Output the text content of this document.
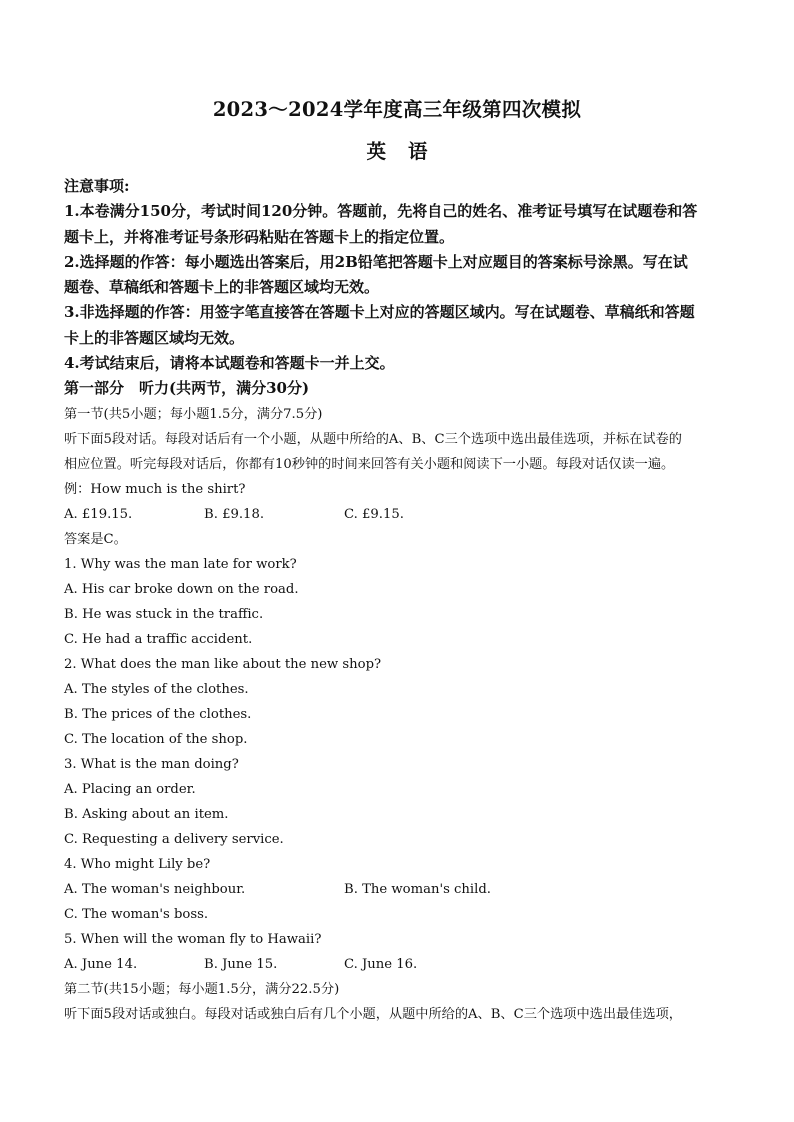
2023～2024学年度高三年级第四次模拟
英语
注意事项:
1.本卷满分150分，考试时间120分钟。答题前，先将自己的姓名、准考证号填写在试题卷和答
题卡上，并将准考证号条形码粘贴在答题卡上的指定位置。
2.选择题的作答：每小题选出答案后，用2B铅笔把答题卡上对应题目的答案标号涂黑。写在试
题卷、草稿纸和答题卡上的非答题区域均无效。
3.非选择题的作答：用签字笔直接答在答题卡上对应的答题区域内。写在试题卷、草稿纸和答题
卡上的非答题区域均无效。
4.考试结束后，请将本试题卷和答题卡一并上交。
第一部分　听力(共两节，满分30分)
第一节(共5小题；每小题1.5分，满分7.5分)
听下面5段对话。每段对话后有一个小题，从题中所给的A、B、C三个选项中选出最佳选项，并标在试卷的
相应位置。听完每段对话后，你都有10秒钟的时间来回答有关小题和阅读下一小题。每段对话仅读一遍。
例：How much is the shirt?
A. £19.15.	B. £9.18.	C. £9.15.
答案是C。
1. Why was the man late for work?
A. His car broke down on the road.
B. He was stuck in the traffic.
C. He had a traffic accident.
2. What does the man like about the new shop?
A. The styles of the clothes.
B. The prices of the clothes.
C. The location of the shop.
3. What is the man doing?
A. Placing an order.
B. Asking about an item.
C. Requesting a delivery service.
4. Who might Lily be?
A. The woman's neighbour.	B. The woman's child.
C. The woman's boss.
5. When will the woman fly to Hawaii?
A. June 14.	B. June 15.	C. June 16.
第二节(共15小题；每小题1.5分，满分22.5分)
听下面5段对话或独白。每段对话或独白后有几个小题，从题中所给的A、B、C三个选项中选出最佳选项，
